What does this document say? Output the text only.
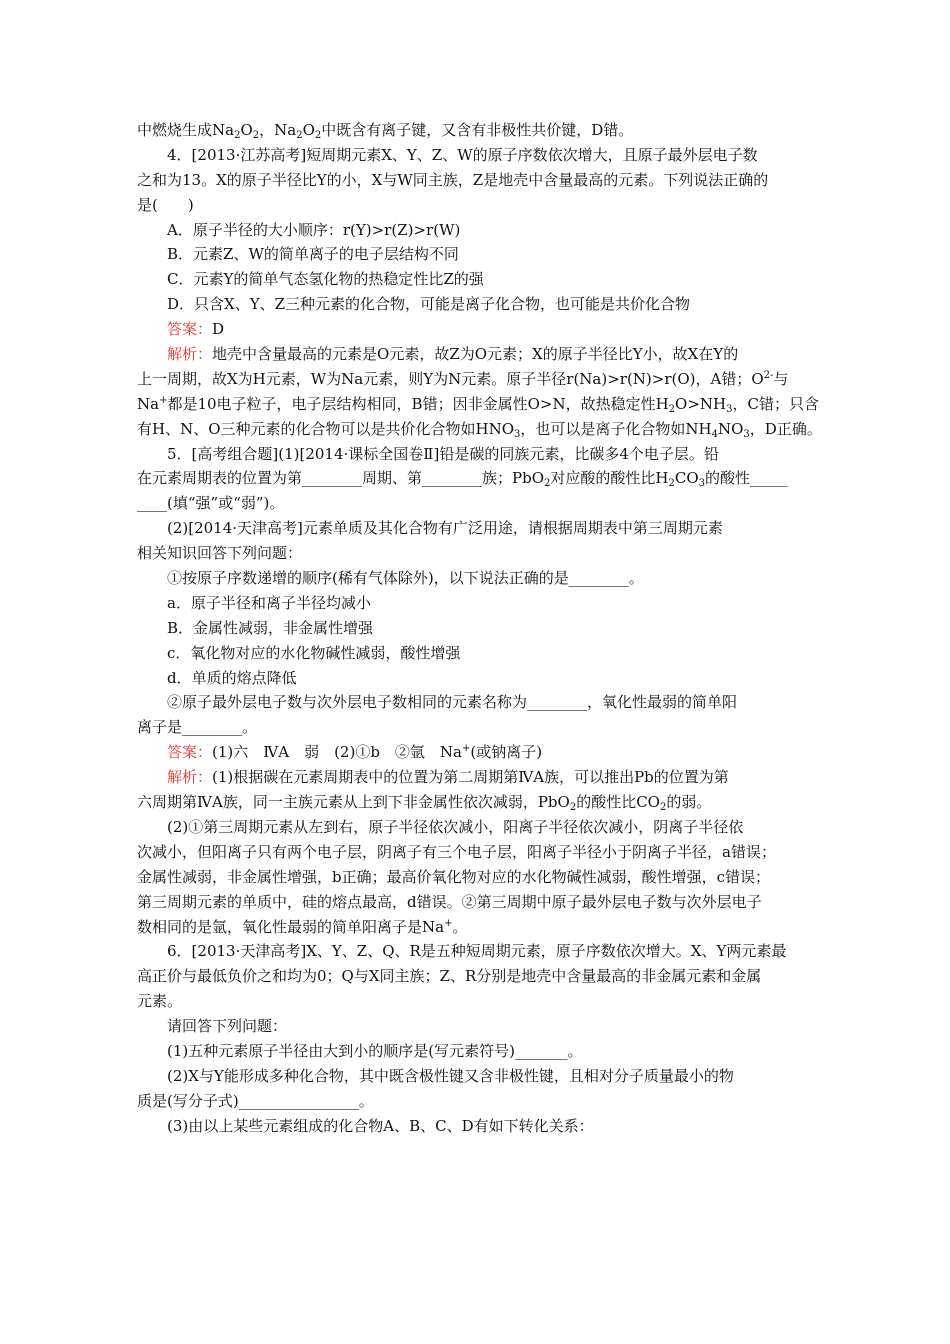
中燃烧生成$Na_2O_2$，$Na_2O_2$中既含有离子键，又含有非极性共价键，D错。
4．[2013·江苏高考]短周期元素X、Y、Z、W的原子序数依次增大，且原子最外层电子数
之和为13。X的原子半径比Y的小，X与W同主族，Z是地壳中含量最高的元素。下列说法正确的
是(　　)
A．原子半径的大小顺序：r(Y)>r(Z)>r(W)
B．元素Z、W的简单离子的电子层结构不同
C．元素Y的简单气态氢化物的热稳定性比Z的强
D．只含X、Y、Z三种元素的化合物，可能是离子化合物，也可能是共价化合物
答案：D
解析：地壳中含量最高的元素是O元素，故Z为O元素；X的原子半径比Y小，故X在Y的
上一周期，故X为H元素，W为Na元素，则Y为N元素。原子半径r(Na)>r(N)>r(O)，A错；$O^{2-}$与
Na+都是10电子粒子，电子层结构相同，B错；因非金属性O>N，故热稳定性$H_2O>NH_3$，C错；只含
有H、N、O三种元素的化合物可以是共价化合物如$HNO_3$，也可以是离子化合物如$NH_4NO_3$，D正确。
5．[高考组合题](1)[2014·课标全国卷Ⅱ]铅是碳的同族元素，比碳多4个电子层。铅
在元素周期表的位置为第________周期、第________族；PbO$_2$对应酸的酸性比$H_2CO_3$的酸性_____
____(填“强”或“弱”)。
(2)[2014·天津高考]元素单质及其化合物有广泛用途，请根据周期表中第三周期元素
相关知识回答下列问题：
①按原子序数递增的顺序(稀有气体除外)，以下说法正确的是________。
a．原子半径和离子半径均减小
B．金属性减弱，非金属性增强
c．氧化物对应的水化物碱性减弱，酸性增强
d．单质的熔点降低
②原子最外层电子数与次外层电子数相同的元素名称为________，氧化性最弱的简单阳
离子是________。
答案：(1)六　ⅣA　弱　(2)①b　②氩　Na+(或钠离子)
解析：(1)根据碳在元素周期表中的位置为第二周期第ⅣA族，可以推出Pb的位置为第
六周期第ⅣA族，同一主族元素从上到下非金属性依次减弱，PbO$_2$的酸性比$CO_2$的弱。
(2)①第三周期元素从左到右，原子半径依次减小，阳离子半径依次减小，阴离子半径依
次减小，但阳离子只有两个电子层，阴离子有三个电子层，阳离子半径小于阴离子半径，a错误；
金属性减弱，非金属性增强，b正确；最高价氧化物对应的水化物碱性减弱，酸性增强，c错误；
第三周期元素的单质中，硅的熔点最高，d错误。②第三周期中原子最外层电子数与次外层电子
数相同的是氩，氧化性最弱的简单阳离子是Na+。
6．[2013·天津高考]X、Y、Z、Q、R是五种短周期元素，原子序数依次增大。X、Y两元素最
高正价与最低负价之和均为0；Q与X同主族；Z、R分别是地壳中含量最高的非金属元素和金属
元素。
请回答下列问题：
(1)五种元素原子半径由大到小的顺序是(写元素符号)_______。
(2)X与Y能形成多种化合物，其中既含极性键又含非极性键，且相对分子质量最小的物
质是(写分子式)________________。
(3)由以上某些元素组成的化合物A、B、C、D有如下转化关系：
